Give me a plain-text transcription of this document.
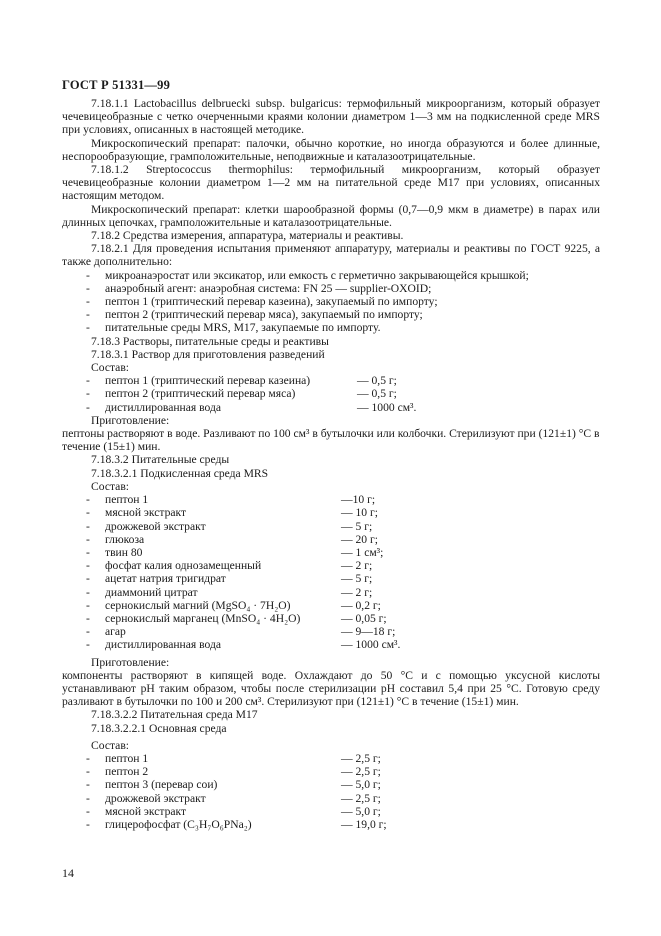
ГОСТ Р 51331—99
7.18.1.1 Lactobacillus delbruecki subsp. bulgaricus: термофильный микроорганизм, который образует чечевицеобразные с четко очерченными краями колонии диаметром 1—3 мм на подкисленной среде MRS при условиях, описанных в настоящей методике.
Микроскопический препарат: палочки, обычно короткие, но иногда образуются и более длинные, неспорообразующие, грамположительные, неподвижные и каталазоотрицательные.
7.18.1.2 Streptococcus thermophilus: термофильный микроорганизм, который образует чечевицеобразные колонии диаметром 1—2 мм на питательной среде М17 при условиях, описанных настоящим методом.
Микроскопический препарат: клетки шарообразной формы (0,7—0,9 мкм в диаметре) в парах или длинных цепочках, грамположительные и каталазоотрицательные.
7.18.2 Средства измерения, аппаратура, материалы и реактивы.
7.18.2.1 Для проведения испытания применяют аппаратуру, материалы и реактивы по ГОСТ 9225, а также дополнительно:
-	микроанаэростат или эксикатор, или емкость с герметично закрывающейся крышкой;
-	анаэробный агент: анаэробная система: FN 25 — supplier-OXOID;
-	пептон 1 (триптический перевар казеина), закупаемый по импорту;
-	пептон 2 (триптический перевар мяса), закупаемый по импорту;
-	питательные среды MRS, М17, закупаемые по импорту.
7.18.3 Растворы, питательные среды и реактивы
7.18.3.1 Раствор для приготовления разведений
Состав:
-	пептон 1 (триптический перевар казеина)	— 0,5 г;
-	пептон 2 (триптический перевар мяса)	— 0,5 г;
-	дистиллированная вода	— 1000 см³.
Приготовление:
пептоны растворяют в воде. Разливают по 100 см³ в бутылочки или колбочки. Стерилизуют при (121±1) °С в течение (15±1) мин.
7.18.3.2 Питательные среды
7.18.3.2.1 Подкисленная среда MRS
Состав:
-	пептон 1	—10 г;
-	мясной экстракт	— 10 г;
-	дрожжевой экстракт	— 5 г;
-	глюкоза	— 20 г;
-	твин 80	— 1 см³;
-	фосфат калия однозамещенный	— 2 г;
-	ацетат натрия тригидрат	— 5 г;
-	диаммоний цитрат	— 2 г;
-	сернокислый магний (MgSO₄ · 7H₂O)	— 0,2 г;
-	сернокислый марганец (MnSO₄ · 4H₂O)	— 0,05 г;
-	агар	— 9—18 г;
-	дистиллированная вода	— 1000 см³.
Приготовление:
компоненты растворяют в кипящей воде. Охлаждают до 50 °С и с помощью уксусной кислоты устанавливают pH таким образом, чтобы после стерилизации pH составил 5,4 при 25 °С. Готовую среду разливают в бутылочки по 100 и 200 см³. Стерилизуют при (121±1) °С в течение (15±1) мин.
7.18.3.2.2 Питательная среда М17
7.18.3.2.2.1 Основная среда
Состав:
-	пептон 1	— 2,5 г;
-	пептон 2	— 2,5 г;
-	пептон 3 (перевар сои)	— 5,0 г;
-	дрожжевой экстракт	— 2,5 г;
-	мясной экстракт	— 5,0 г;
-	глицерофосфат (C₃H₇O₆PNa₂)	— 19,0 г;
14
